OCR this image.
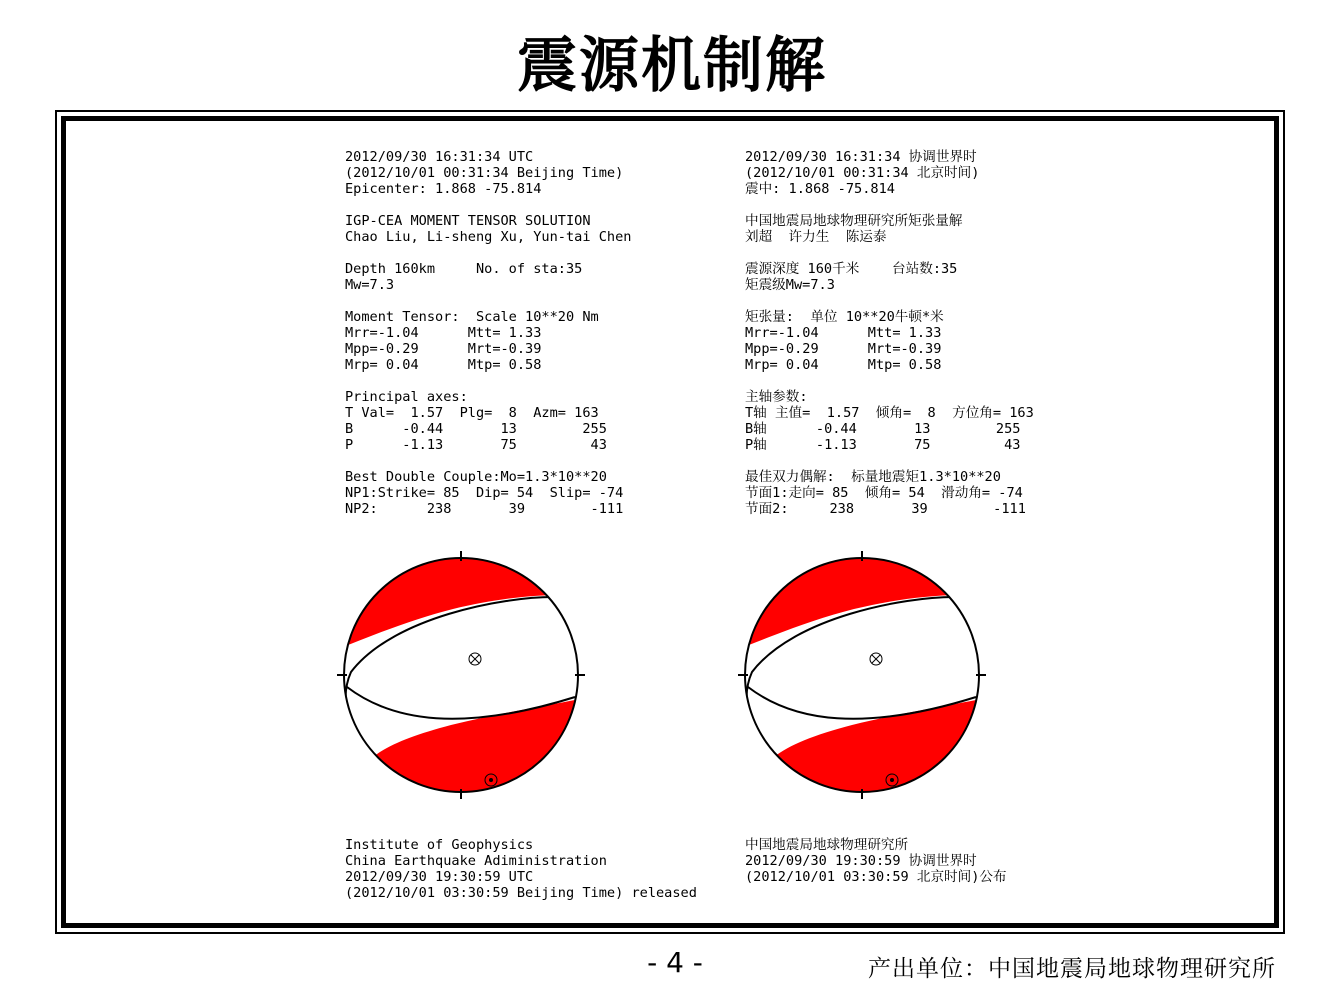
震源机制解
2012/09/30 16:31:34 UTC
(2012/10/01 00:31:34 Beijing Time)
Epicenter: 1.868 -75.814
IGP-CEA MOMENT TENSOR SOLUTION
Chao Liu, Li-sheng Xu, Yun-tai Chen
Depth 160km     No. of sta:35
Mw=7.3
Moment Tensor:  Scale 10**20 Nm
Mrr=-1.04      Mtt= 1.33
Mpp=-0.29      Mrt=-0.39
Mrp= 0.04      Mtp= 0.58
Principal axes:
T Val=  1.57  Plg=  8  Azm= 163
B      -0.44       13        255
P      -1.13       75         43
Best Double Couple:Mo=1.3*10**20
NP1:Strike= 85  Dip= 54  Slip= -74
NP2:      238       39        -111
Institute of Geophysics
China Earthquake Adiministration
2012/09/30 19:30:59 UTC
(2012/10/01 03:30:59 Beijing Time) released
2012/09/30 16:31:34 协调世界时
(2012/10/01 00:31:34 北京时间)
震中: 1.868 -75.814
中国地震局地球物理研究所矩张量解
刘超  许力生  陈运泰
震源深度 160千米    台站数:35
矩震级Mw=7.3
矩张量:  单位 10**20牛顿*米
Mrr=-1.04      Mtt= 1.33
Mpp=-0.29      Mrt=-0.39
Mrp= 0.04      Mtp= 0.58
主轴参数:
T轴 主值=  1.57  倾角=  8  方位角= 163
B轴      -0.44       13        255
P轴      -1.13       75         43
最佳双力偶解:  标量地震矩1.3*10**20
节面1:走向= 85  倾角= 54  滑动角= -74
节面2:     238       39        -111
中国地震局地球物理研究所
2012/09/30 19:30:59 协调世界时
(2012/10/01 03:30:59 北京时间)公布
- 4 -	产出单位：中国地震局地球物理研究所
